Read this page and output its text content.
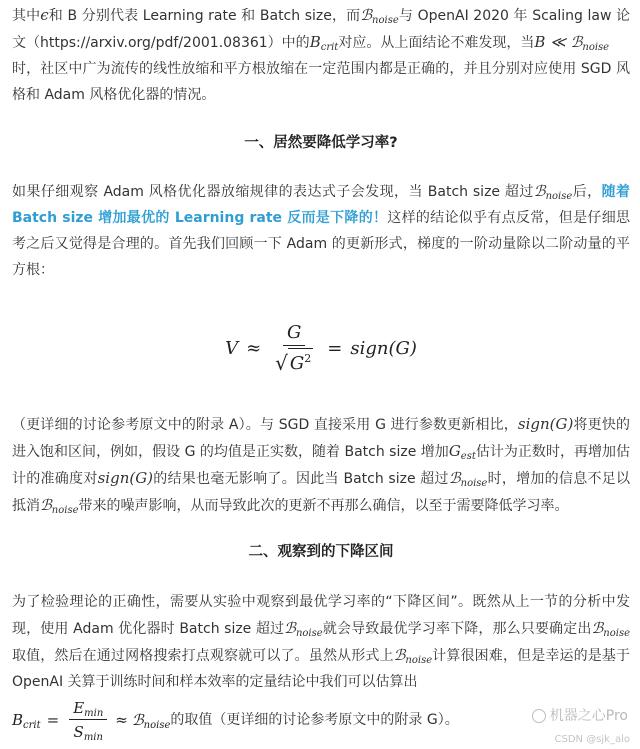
其中ϵ和 B 分别代表 Learning rate 和 Batch size，而ℬ$_{noise}$与 OpenAI 2020 年 Scaling law 论文（https://arxiv.org/pdf/2001.08361）中的$B_{crit}$对应。从上面结论不难发现，当B ≪ ℬ$_{noise}$
时，社区中广为流传的线性放缩和平方根放缩在一定范围内都是正确的，并且分别对应使用 SGD 风格和 Adam 风格优化器的情况。

一、居然要降低学习率?

如果仔细观察 Adam 风格优化器放缩规律的表达式子会发现，当 Batch size 超过ℬ$_{noise}$后，随着 Batch size 增加最优的 Learning rate 反而是下降的！这样的结论似乎有点反常，但是仔细思考之后又觉得是合理的。首先我们回顾一下 Adam 的更新形式，梯度的一阶动量除以二阶动量的平方根：

$V \approx \frac{G}{√ G^2}$ = sign(G)

（更详细的讨论参考原文中的附录 A）。与 SGD 直接采用 G 进行参数更新相比，sign(G)将更快的进入饱和区间，例如，假设 G 的均值是正实数，随着 Batch size 增加$G_{est}$估计为正数时，再增加估计的准确度对sign(G)的结果也毫无影响了。因此当 Batch size 超过ℬ$_{noise}$时，增加的信息不足以抵消ℬ$_{noise}$带来的噪声影响，从而导致此次的更新不再那么确信，以至于需要降低学习率。

二、观察到的下降区间

为了检验理论的正确性，需要从实验中观察到最优学习率的“下降区间”。既然从上一节的分析中发现，使用 Adam 优化器时 Batch size 超过ℬ$_{noise}$就会导致最优学习率下降，那么只要确定出ℬ$_{noise}$取值，然后在通过网格搜索打点观察就可以了。虽然从形式上ℬ$_{noise}$计算很困难，但是幸运的是基于 OpenAI 关算于训练时间和样本效率的定量结论中我们可以估算出

$B_{crit} = \frac{E_{min}}{S_{min}}$ ≈ ℬ$_{noise}$ 的取值（更详细的讨论参考原文中的附录 G）。	机器之心Pro
CSDN @sjk_alo
